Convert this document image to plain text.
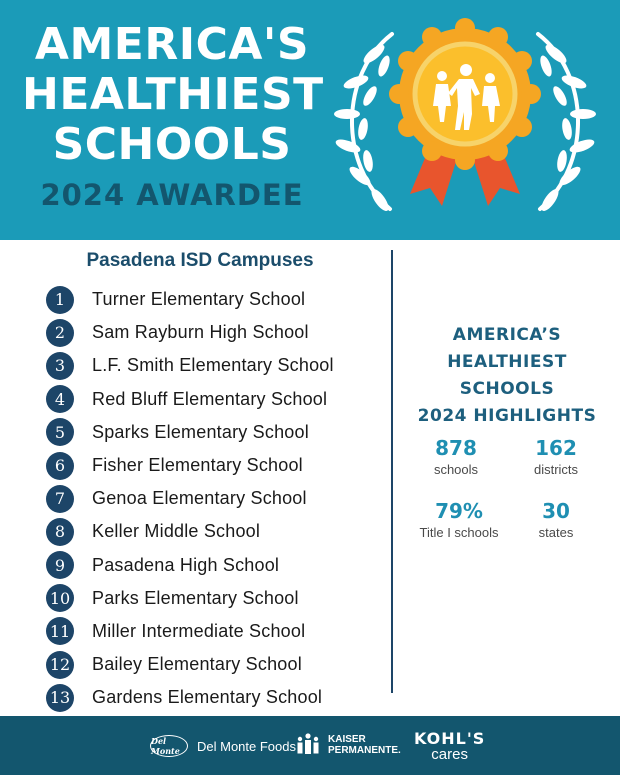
AMERICA'S
HEALTHIEST
SCHOOLS
2024 AWARDEE
Pasadena ISD Campuses
1	Turner Elementary School
2	Sam Rayburn High School
3	L.F. Smith Elementary School
4	Red Bluff Elementary School
5	Sparks Elementary School
6	Fisher Elementary School
7	Genoa Elementary School
8	Keller Middle School
9	Pasadena High School
10 Parks Elementary School
11 Miller Intermediate School
12 Bailey Elementary School
13 Gardens Elementary School
AMERICA’S
HEALTHIEST SCHOOLS
2024 HIGHLIGHTS
878
schools
162
districts
79%
Title I schools
30
states
Del Monte	Del Monte Foods	KAISER
PERMANENTE.
KOHL'S
cares
